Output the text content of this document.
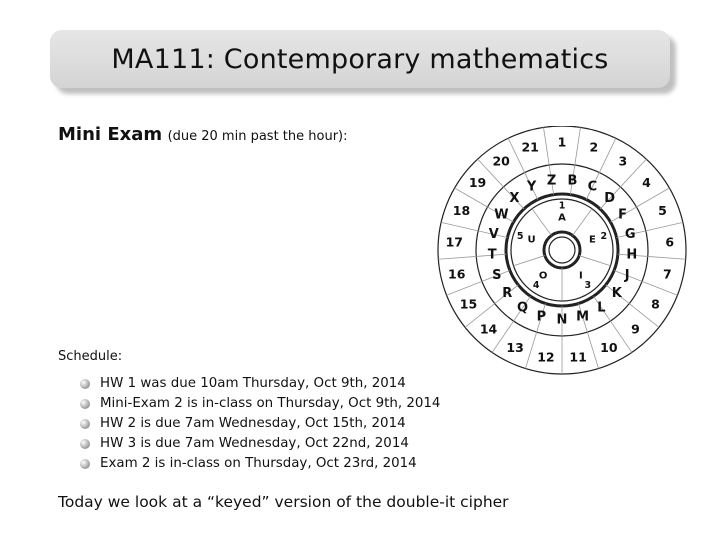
MA111: Contemporary mathematics
Mini Exam (due 20 min past the hour):
Schedule:
HW 1 was due 10am Thursday, Oct 9th, 2014
Mini-Exam 2 is in-class on Thursday, Oct 9th, 2014
HW 2 is due 7am Wednesday, Oct 15th, 2014
HW 3 is due 7am Wednesday, Oct 22nd, 2014
Exam 2 is in-class on Thursday, Oct 23rd, 2014
Today we look at a “keyed” version of the double-it cipher
1 2
3
4
5
6
7
8
9
10
11
12
13
14
15
16
17
18
19
20
21
B C
D
F
G
H
J
K
L
M
N
P
Q
R
S
T
V
W
X
Y Z
1
2
3
4
5
A
E
I
O
U
